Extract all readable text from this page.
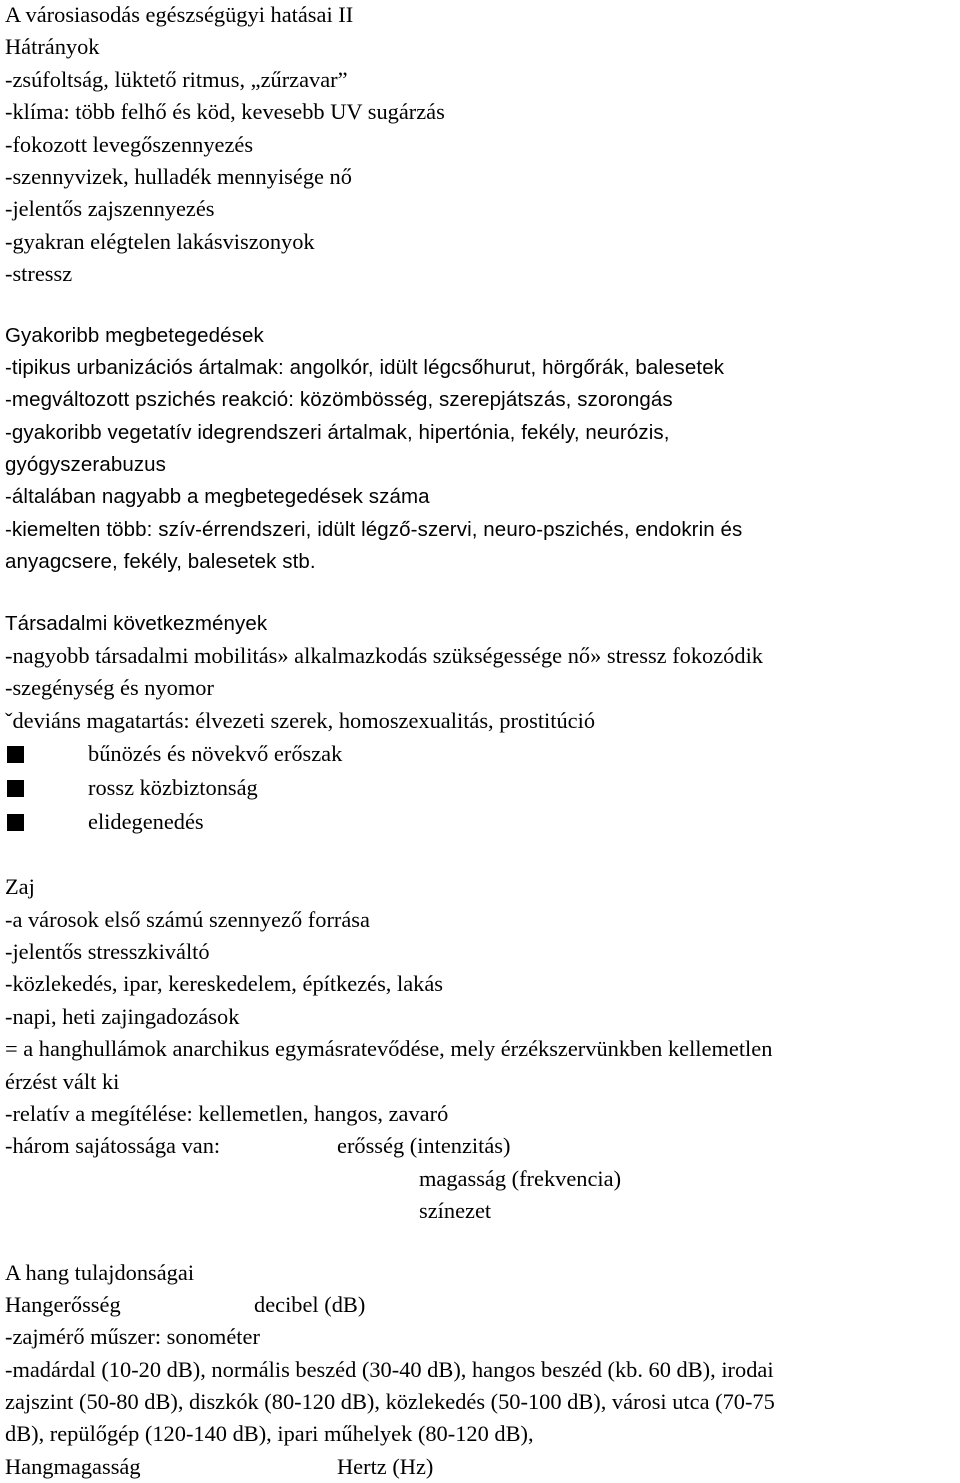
A városiasodás egészségügyi hatásai II
Hátrányok
-zsúfoltság, lüktető ritmus, „zűrzavar”
-klíma: több felhő és köd, kevesebb UV sugárzás
-fokozott levegőszennyezés
-szennyvizek, hulladék mennyisége nő
-jelentős zajszennyezés
-gyakran elégtelen lakásviszonyok
-stressz
Gyakoribb megbetegedések
-tipikus urbanizációs ártalmak: angolkór, idült légcsőhurut, hörgőrák, balesetek
-megváltozott pszichés reakció: közömbösség, szerepjátszás, szorongás
-gyakoribb vegetatív idegrendszeri ártalmak, hipertónia, fekély, neurózis,
gyógyszerabuzus
-általában nagyabb a megbetegedések száma
-kiemelten több: szív-érrendszeri, idült légző-szervi, neuro-pszichés, endokrin és
anyagcsere, fekély, balesetek stb.
Társadalmi következmények
-nagyobb társadalmi mobilitás» alkalmazkodás szükségessége nő» stressz fokozódik
-szegénység és nyomor
ˇdeviáns magatartás: élvezeti szerek, homoszexualitás, prostitúció
bűnözés és növekvő erőszak
rossz közbiztonság
elidegenedés
Zaj
-a városok első számú szennyező forrása
-jelentős stresszkiváltó
-közlekedés, ipar, kereskedelem, építkezés, lakás
-napi, heti zajingadozások
= a hanghullámok anarchikus egymásratevődése, mely érzékszervünkben kellemetlen
érzést vált ki
-relatív a megítélése: kellemetlen, hangos, zavaró
-három sajátossága van:	erősség (intenzitás)
magasság (frekvencia)
színezet
A hang tulajdonságai
Hangerősség	decibel (dB)
-zajmérő műszer: sonométer
-madárdal (10-20 dB), normális beszéd (30-40 dB), hangos beszéd (kb. 60 dB), irodai
zajszint (50-80 dB), diszkók (80-120 dB), közlekedés (50-100 dB), városi utca (70-75
dB), repülőgép (120-140 dB), ipari műhelyek (80-120 dB),
Hangmagasság	Hertz (Hz)
